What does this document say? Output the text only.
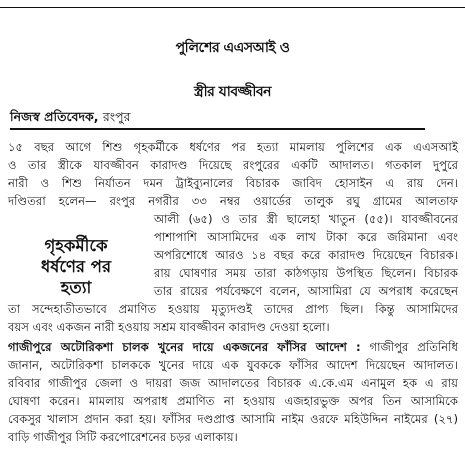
পুলিশের এএসআই ও
স্ত্রীর যাবজ্জীবন
নিজস্ব প্রতিবেদক, রংপুর
১৫ বছর আগে শিশু গৃহকর্মীকে ধর্ষণের পর হত্যা মামলায় পুলিশের এক এএসআই
ও তার স্ত্রীকে যাবজ্জীবন কারাদণ্ড দিয়েছে রংপুরের একটি আদালত। গতকাল দুপুরে
নারী ও শিশু নির্যাতন দমন ট্রাইব্যুনালের বিচারক জাবিদ হোসাইন এ রায় দেন।
দণ্ডিতরা হলেন— রংপুর নগরীর ৩৩ নম্বর ওয়ার্ডের তালুক রঘু গ্রামের আলতাফ
গৃহকর্মীকে
ধর্ষণের পর
হত্যা
আলী (৬৫) ও তার স্ত্রী ছালেহা খাতুন (৫৫)। যাবজ্জীবনের
পাশাপাশি আসামিদের এক লাখ টাকা করে জরিমানা এবং
অপরিশোধে আরও ১৪ বছর করে কারাদণ্ড দিয়েছেন বিচারক।
রায় ঘোষণার সময় তারা কাঠগড়ায় উপস্থিত ছিলেন। বিচারক
তার রায়ের পর্যবেক্ষণে বলেন, আসামিরা যে অপরাধ করেছেন
তা সন্দেহাতীতভাবে প্রমাণিত হওয়ায় মৃত্যুদণ্ডই তাদের প্রাপ্য ছিল। কিন্তু আসামিদের
বয়স এবং একজন নারী হওয়ায় সশ্রম যাবজ্জীবন কারাদণ্ড দেওয়া হলো।
গাজীপুরে অটোরিকশা চালক খুনের দায়ে একজনের ফাঁসির আদেশ : গাজীপুর প্রতিনিধি
জানান, অটোরিকশা চালককে খুনের দায়ে এক যুবককে ফাঁসির আদেশ দিয়েছেন আদালত।
রবিবার গাজীপুর জেলা ও দায়রা জজ আদালতের বিচারক এ.কে.এম এনামুল হক এ রায়
ঘোষণা করেন। মামলায় অপরাধ প্রমাণিত না হওয়ায় এজহারভুক্ত অপর তিন আসামিকে
বেকসুর খালাস প্রদান করা হয়। ফাঁসির দণ্ডপ্রাপ্ত আসামি নাইম ওরফে মহিউদ্দিন নাইমের (২৭)
বাড়ি গাজীপুর সিটি করপোরেশনের চড়র এলাকায়।
